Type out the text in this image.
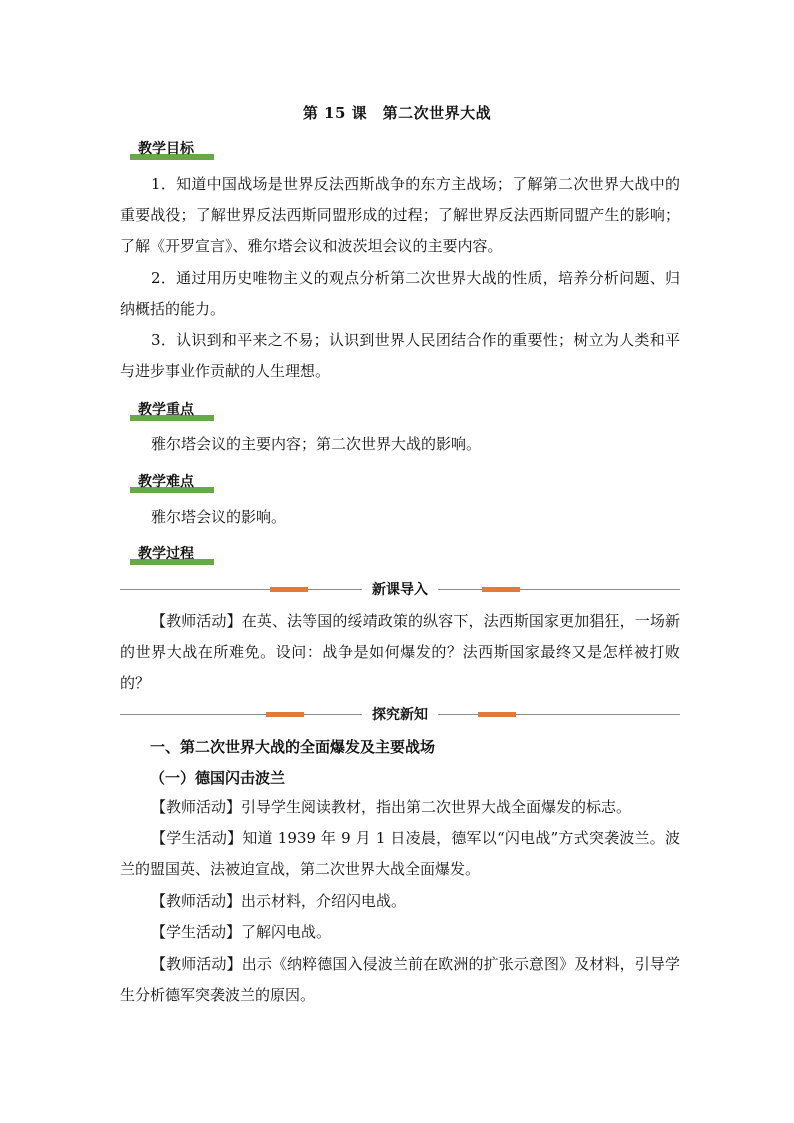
第 15 课　第二次世界大战
教学目标
1．知道中国战场是世界反法西斯战争的东方主战场；了解第二次世界大战中的重要战役；了解世界反法西斯同盟形成的过程；了解世界反法西斯同盟产生的影响；了解《开罗宣言》、雅尔塔会议和波茨坦会议的主要内容。
2．通过用历史唯物主义的观点分析第二次世界大战的性质，培养分析问题、归纳概括的能力。
3．认识到和平来之不易；认识到世界人民团结合作的重要性；树立为人类和平与进步事业作贡献的人生理想。
教学重点
雅尔塔会议的主要内容；第二次世界大战的影响。
教学难点
雅尔塔会议的影响。
教学过程
新课导入
【教师活动】在英、法等国的绥靖政策的纵容下，法西斯国家更加猖狂，一场新的世界大战在所难免。设问：战争是如何爆发的？法西斯国家最终又是怎样被打败的？
探究新知
一、第二次世界大战的全面爆发及主要战场
（一）德国闪击波兰
【教师活动】引导学生阅读教材，指出第二次世界大战全面爆发的标志。
【学生活动】知道 1939 年 9 月 1 日凌晨，德军以“闪电战”方式突袭波兰。波兰的盟国英、法被迫宣战，第二次世界大战全面爆发。
【教师活动】出示材料，介绍闪电战。
【学生活动】了解闪电战。
【教师活动】出示《纳粹德国入侵波兰前在欧洲的扩张示意图》及材料，引导学生分析德军突袭波兰的原因。
